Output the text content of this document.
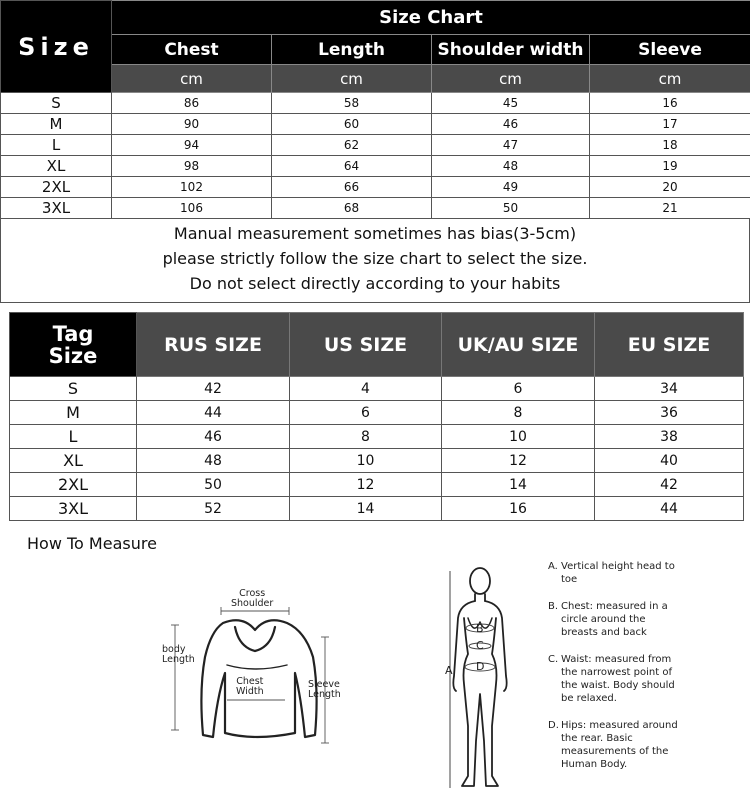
Size	Size Chart			
	Chest	Length	Shoulder width	Sleeve
	cm	cm	cm	cm
S	86	58	45	16
M	90	60	46	17
L	94	62	47	18
XL	98	64	48	19
2XL	102	66	49	20
3XL	106	68	50	21
Manual measurement sometimes has bias(3-5cm)
please strictly follow the size chart to select the size.
Do not select directly according to your habits
Tag
Size	RUS SIZE	US SIZE	UK/AU SIZE	EU SIZE
S	42	4	6	34
M	44	6	8	36
L	46	8	10	38
XL	48	10	12	40
2XL	50	12	14	42
3XL	52	14	16	44
How To Measure
Cross
Shoulder
body
Length
Chest
Width
Sleeve
Length
A
B
C
D
A. Vertical height head to toe
B. Chest: measured in a circle around the breasts and back
C. Waist: measured from the narrowest point of the waist. Body should be relaxed.
D. Hips: measured around the rear. Basic measurements of the Human Body.
